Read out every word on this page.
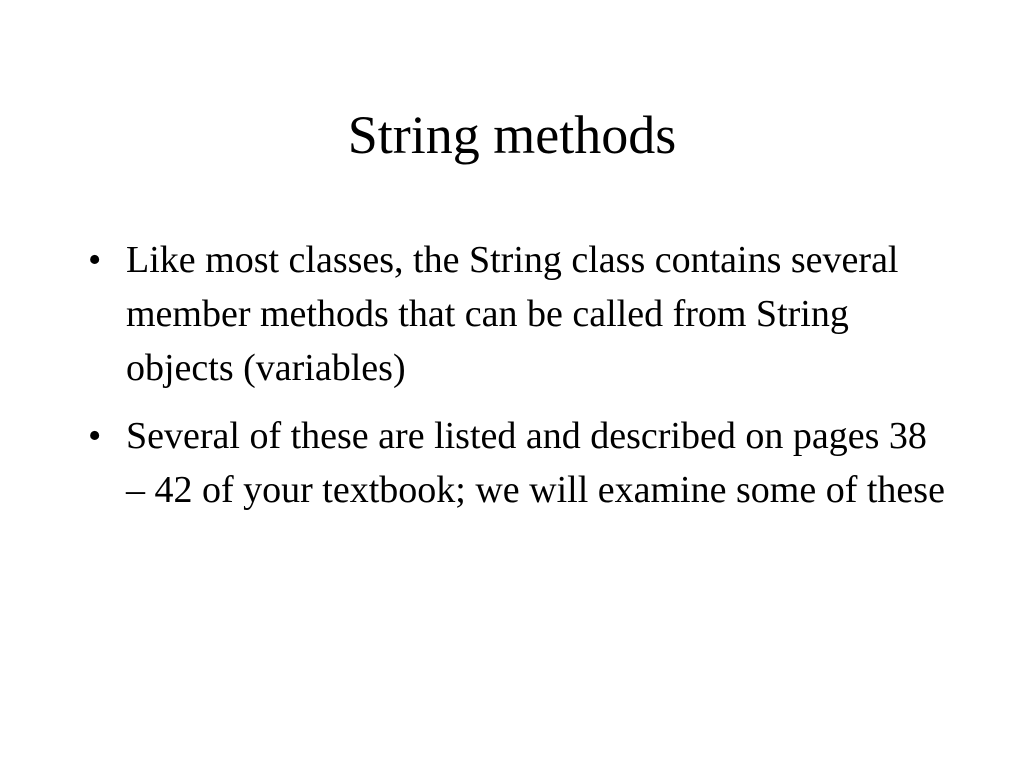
String methods
• Like most classes, the String class contains several member methods that can be called from String objects (variables)
• Several of these are listed and described on pages 38 – 42 of your textbook; we will examine some of these
